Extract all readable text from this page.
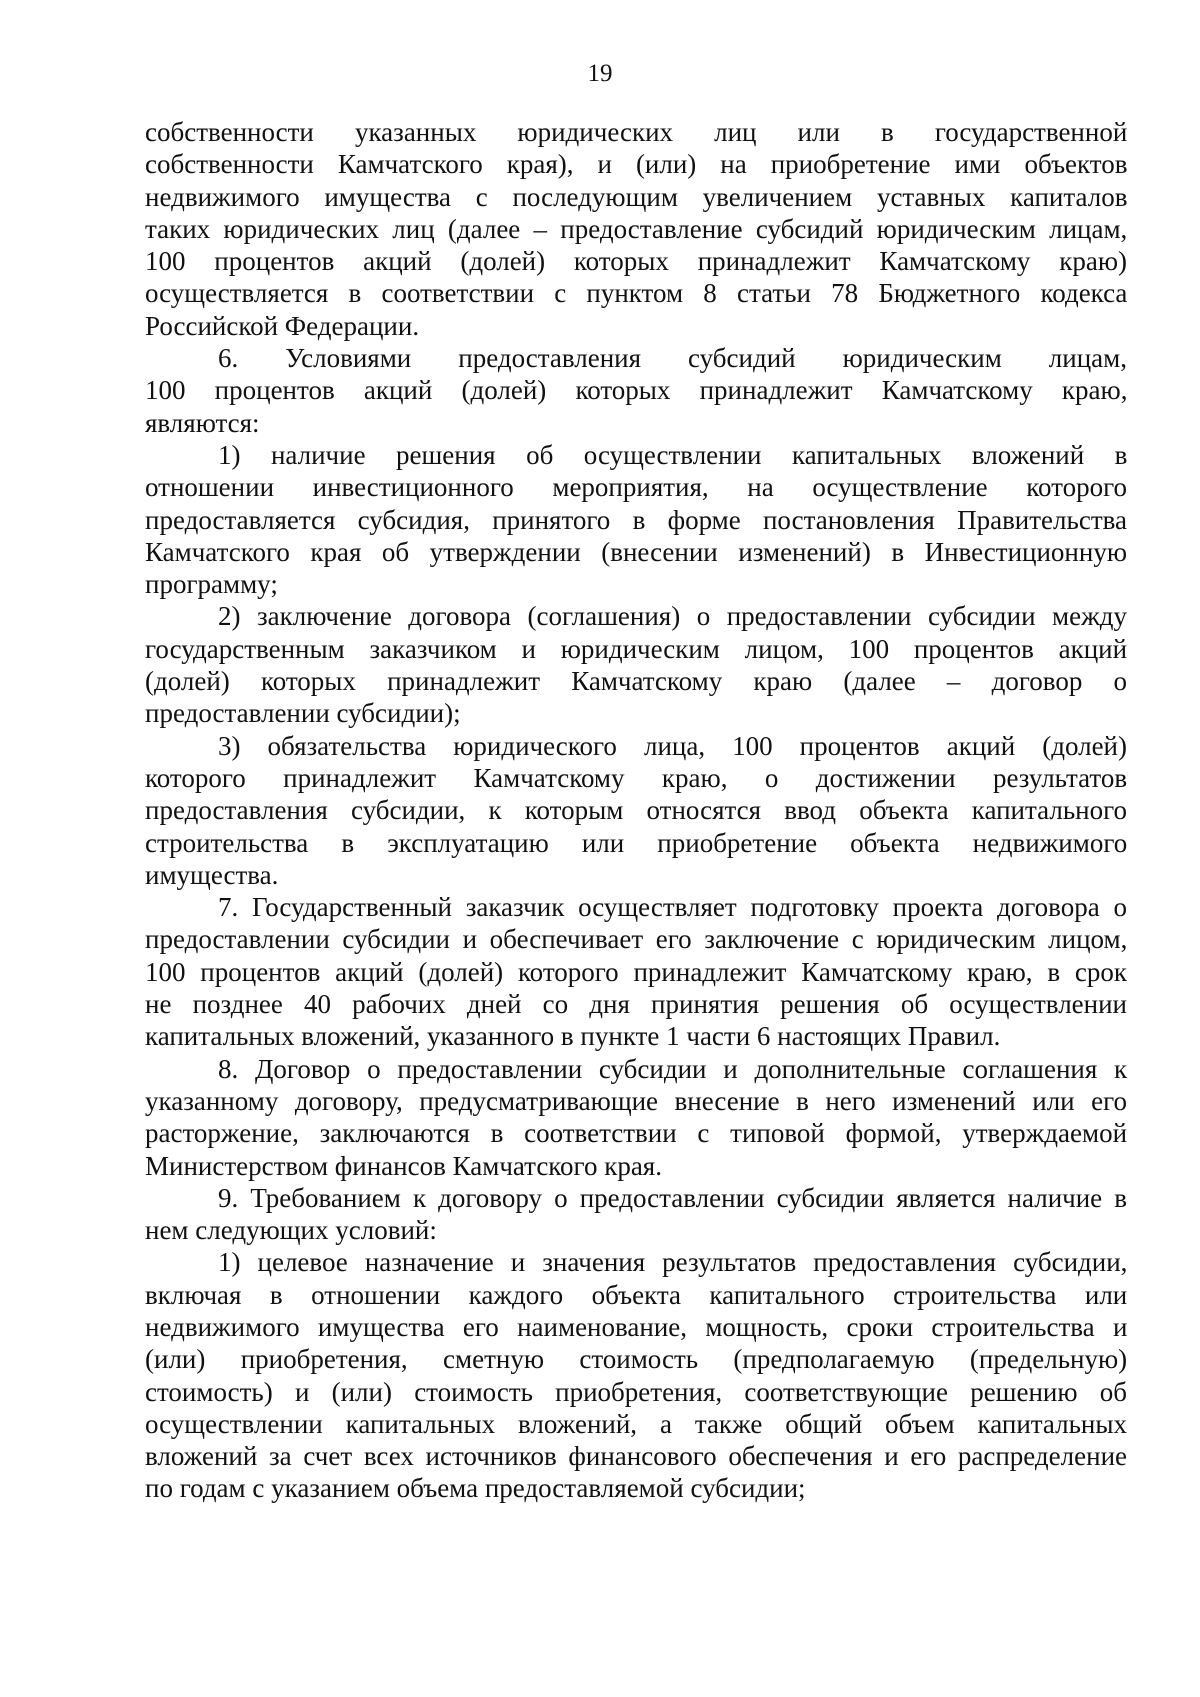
19
собственности указанных юридических лиц или в государственной
собственности Камчатского края), и (или) на приобретение ими объектов
недвижимого имущества с последующим увеличением уставных капиталов
таких юридических лиц (далее – предоставление субсидий юридическим лицам,
100 процентов акций (долей) которых принадлежит Камчатскому краю)
осуществляется в соответствии с пунктом 8 статьи 78 Бюджетного кодекса
Российской Федерации.
6. Условиями предоставления субсидий юридическим лицам,
100 процентов акций (долей) которых принадлежит Камчатскому краю,
являются:
1) наличие решения об осуществлении капитальных вложений в
отношении инвестиционного мероприятия, на осуществление которого
предоставляется субсидия, принятого в форме постановления Правительства
Камчатского края об утверждении (внесении изменений) в Инвестиционную
программу;
2) заключение договора (соглашения) о предоставлении субсидии между
государственным заказчиком и юридическим лицом, 100 процентов акций
(долей) которых принадлежит Камчатскому краю (далее – договор о
предоставлении субсидии);
3) обязательства юридического лица, 100 процентов акций (долей)
которого принадлежит Камчатскому краю, о достижении результатов
предоставления субсидии, к которым относятся ввод объекта капитального
строительства в эксплуатацию или приобретение объекта недвижимого
имущества.
7. Государственный заказчик осуществляет подготовку проекта договора о
предоставлении субсидии и обеспечивает его заключение с юридическим лицом,
100 процентов акций (долей) которого принадлежит Камчатскому краю, в срок
не позднее 40 рабочих дней со дня принятия решения об осуществлении
капитальных вложений, указанного в пункте 1 части 6 настоящих Правил.
8. Договор о предоставлении субсидии и дополнительные соглашения к
указанному договору, предусматривающие внесение в него изменений или его
расторжение, заключаются в соответствии с типовой формой, утверждаемой
Министерством финансов Камчатского края.
9. Требованием к договору о предоставлении субсидии является наличие в
нем следующих условий:
1) целевое назначение и значения результатов предоставления субсидии,
включая в отношении каждого объекта капитального строительства или
недвижимого имущества его наименование, мощность, сроки строительства и
(или) приобретения, сметную стоимость (предполагаемую (предельную)
стоимость) и (или) стоимость приобретения, соответствующие решению об
осуществлении капитальных вложений, а также общий объем капитальных
вложений за счет всех источников финансового обеспечения и его распределение
по годам с указанием объема предоставляемой субсидии;
